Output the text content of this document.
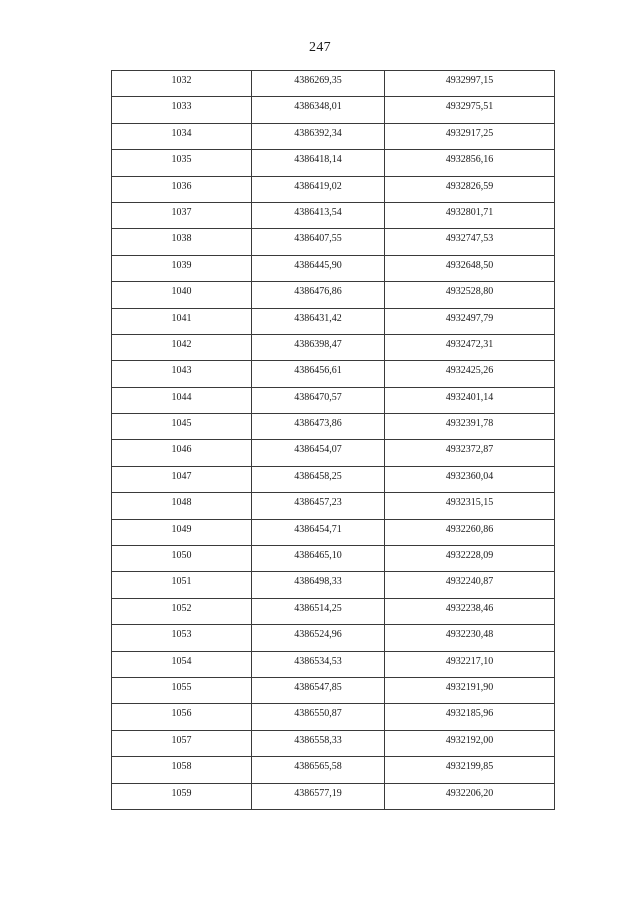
247
1032	4386269,35	4932997,15
1033	4386348,01	4932975,51
1034	4386392,34	4932917,25
1035	4386418,14	4932856,16
1036	4386419,02	4932826,59
1037	4386413,54	4932801,71
1038	4386407,55	4932747,53
1039	4386445,90	4932648,50
1040	4386476,86	4932528,80
1041	4386431,42	4932497,79
1042	4386398,47	4932472,31
1043	4386456,61	4932425,26
1044	4386470,57	4932401,14
1045	4386473,86	4932391,78
1046	4386454,07	4932372,87
1047	4386458,25	4932360,04
1048	4386457,23	4932315,15
1049	4386454,71	4932260,86
1050	4386465,10	4932228,09
1051	4386498,33	4932240,87
1052	4386514,25	4932238,46
1053	4386524,96	4932230,48
1054	4386534,53	4932217,10
1055	4386547,85	4932191,90
1056	4386550,87	4932185,96
1057	4386558,33	4932192,00
1058	4386565,58	4932199,85
1059	4386577,19	4932206,20
